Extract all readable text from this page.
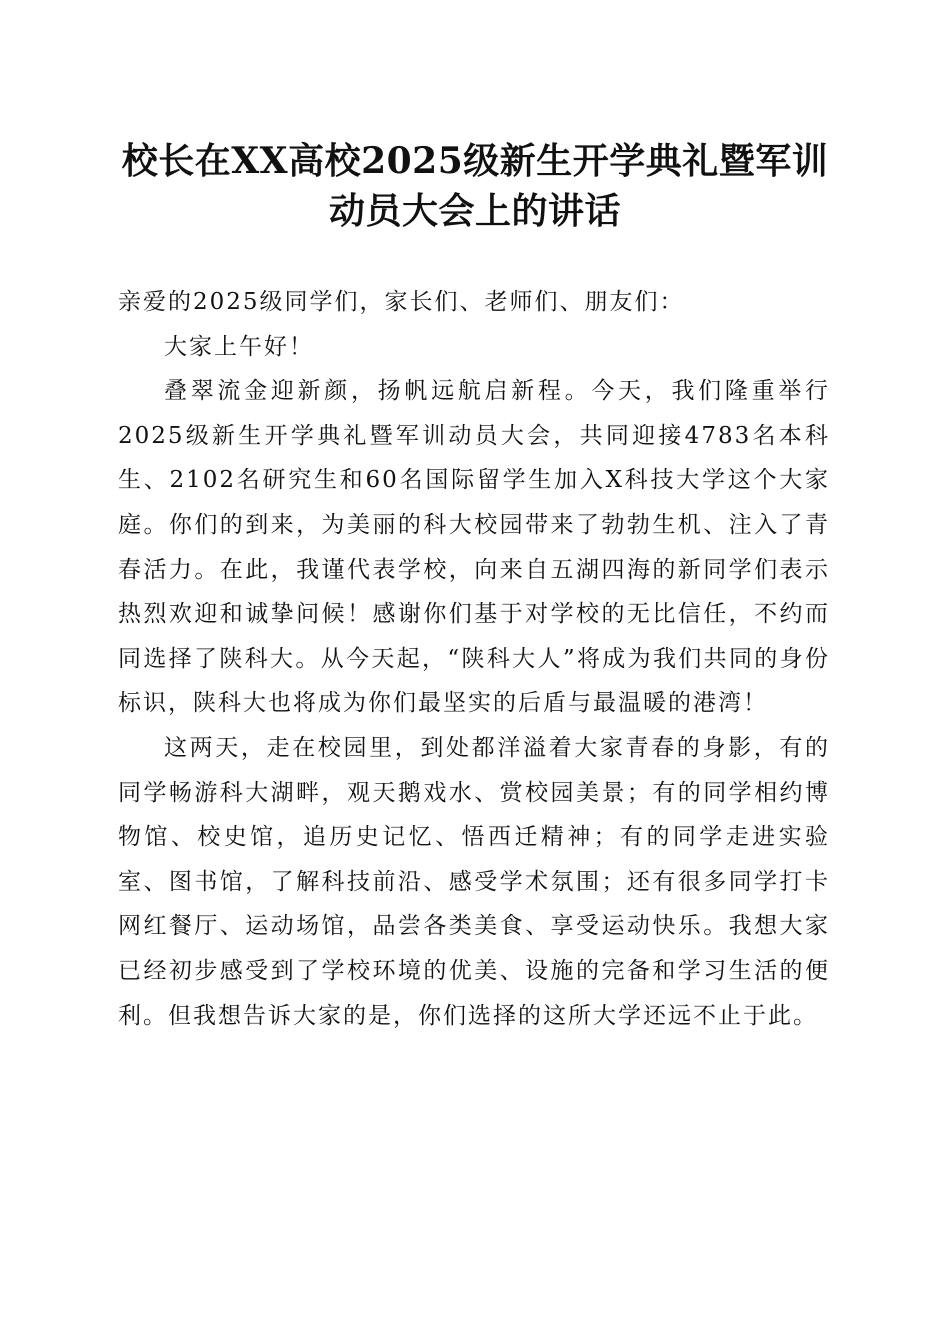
校长在XX高校2025级新生开学典礼暨军训
动员大会上的讲话

亲爱的2025级同学们，家长们、老师们、朋友们：

大家上午好！

叠翠流金迎新颜，扬帆远航启新程。今天，我们隆重举行2025级新生开学典礼暨军训动员大会，共同迎接4783名本科生、2102名研究生和60名国际留学生加入X科技大学这个大家庭。你们的到来，为美丽的科大校园带来了勃勃生机、注入了青春活力。在此，我谨代表学校，向来自五湖四海的新同学们表示热烈欢迎和诚挚问候！感谢你们基于对学校的无比信任，不约而同选择了陕科大。从今天起，“陕科大人”将成为我们共同的身份标识，陕科大也将成为你们最坚实的后盾与最温暖的港湾！

这两天，走在校园里，到处都洋溢着大家青春的身影，有的同学畅游科大湖畔，观天鹅戏水、赏校园美景；有的同学相约博物馆、校史馆，追历史记忆、悟西迁精神；有的同学走进实验室、图书馆，了解科技前沿、感受学术氛围；还有很多同学打卡网红餐厅、运动场馆，品尝各类美食、享受运动快乐。我想大家已经初步感受到了学校环境的优美、设施的完备和学习生活的便利。但我想告诉大家的是，你们选择的这所大学还远不止于此。
